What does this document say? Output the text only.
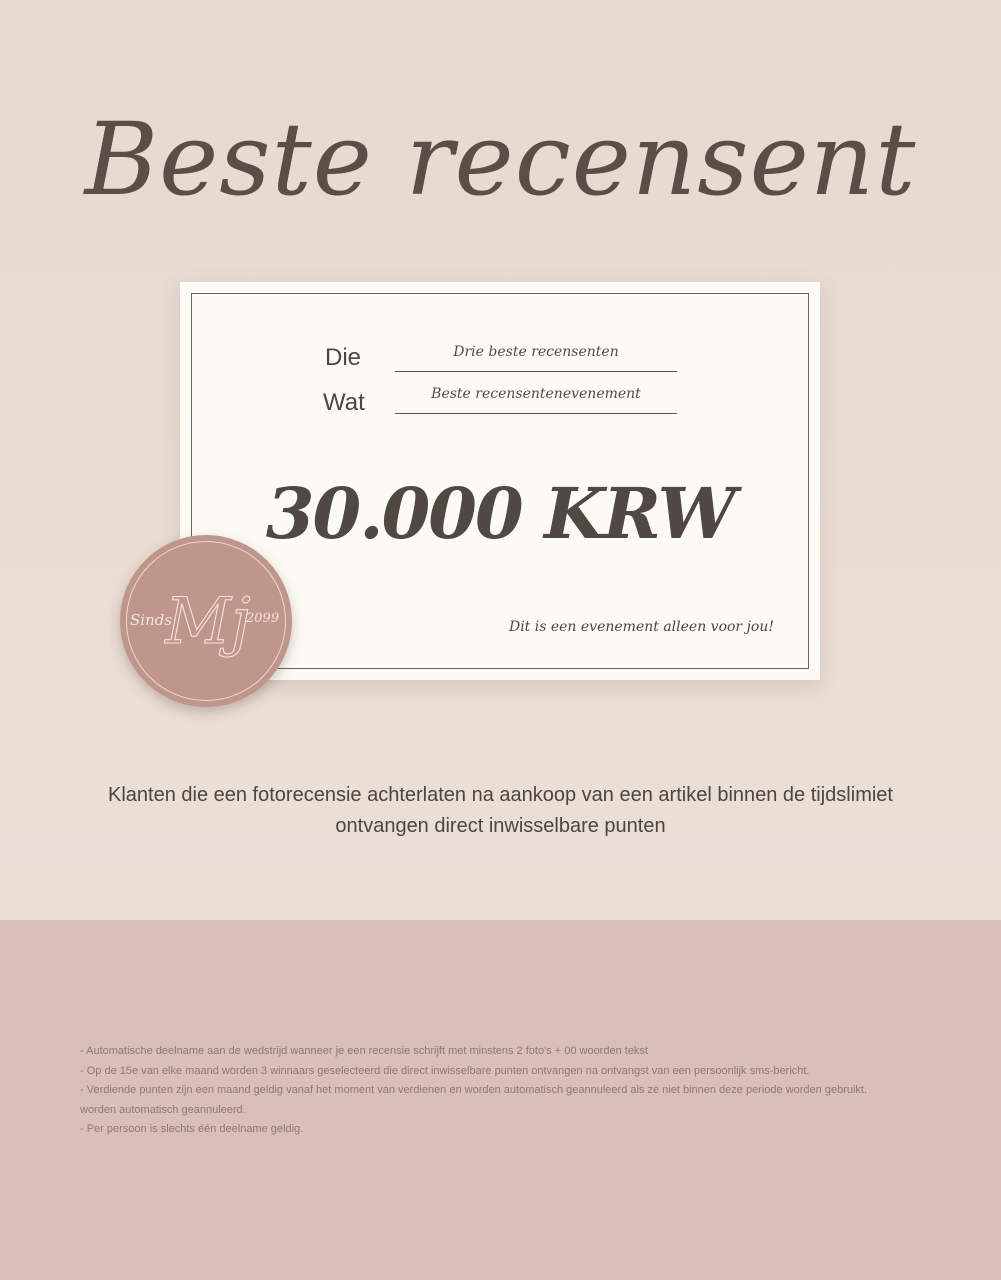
Beste recensent
Die	Drie beste recensenten
Wat	Beste recensentenevenement
30.000 KRW
Dit is een evenement alleen voor jou!
Mj
Sinds	2099

Klanten die een fotorecensie achterlaten na aankoop van een artikel binnen de tijdslimiet ontvangen direct inwisselbare punten

- Automatische deelname aan de wedstrijd wanneer je een recensie schrijft met minstens 2 foto's + 00 woorden tekst
- Op de 15e van elke maand worden 3 winnaars geselecteerd die direct inwisselbare punten ontvangen na ontvangst van een persoonlijk sms-bericht.
- Verdiende punten zijn een maand geldig vanaf het moment van verdienen en worden automatisch geannuleerd als ze niet binnen deze periode worden gebruikt.
worden automatisch geannuleerd.
- Per persoon is slechts één deelname geldig.
